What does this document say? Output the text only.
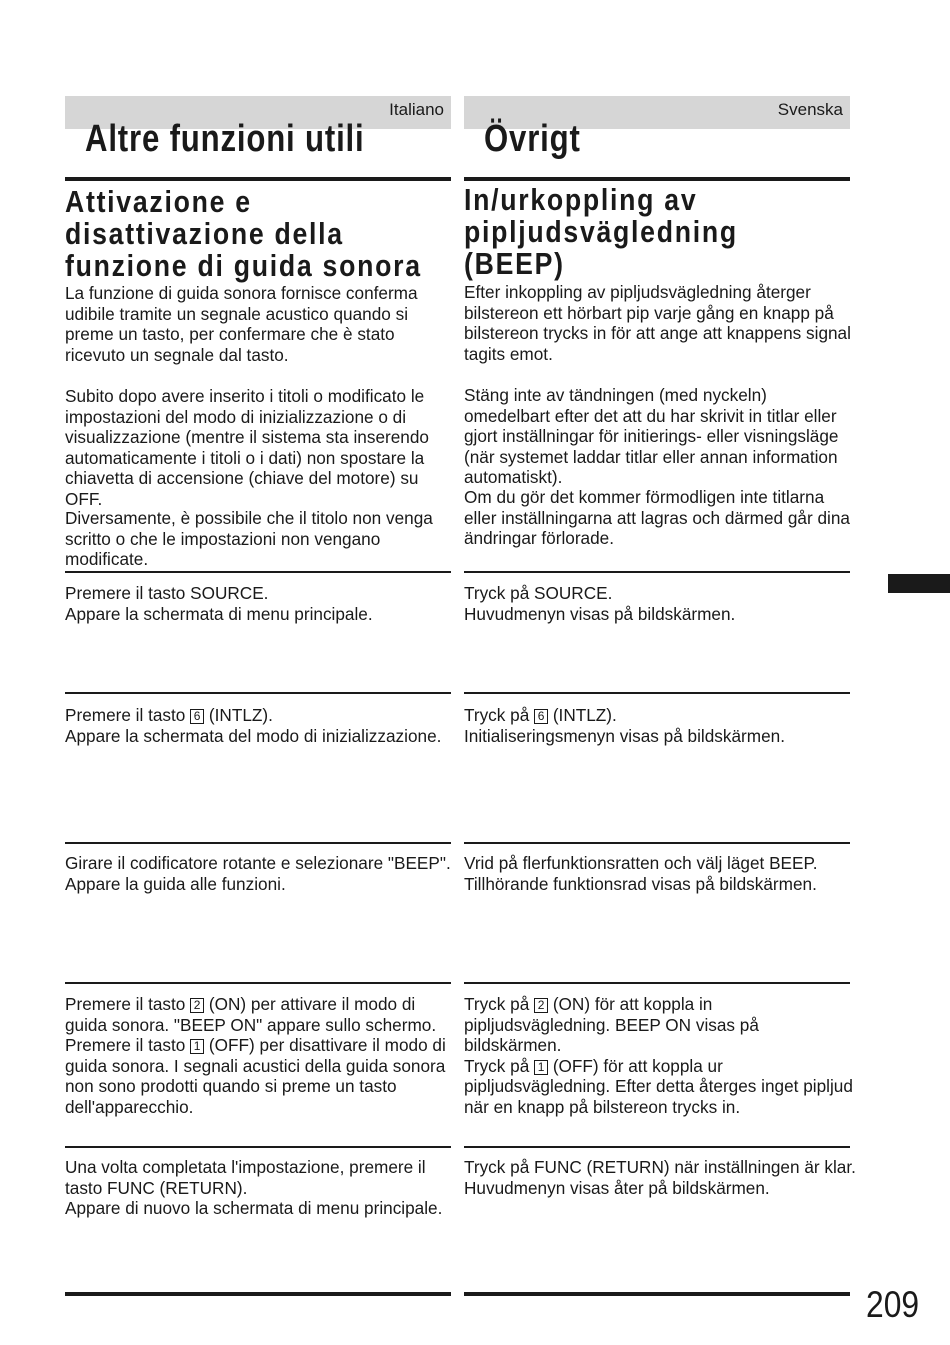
Italiano
Altre funzioni utili
Attivazione e
disattivazione della
funzione di guida sonora
La funzione di guida sonora fornisce conferma udibile tramite un segnale acustico quando si preme un tasto, per confermare che è stato ricevuto un segnale dal tasto.
Subito dopo avere inserito i titoli o modificato le impostazioni del modo di inizializzazione o di visualizzazione (mentre il sistema sta inserendo automaticamente i titoli o i dati) non spostare la chiavetta di accensione (chiave del motore) su OFF.
Diversamente, è possibile che il titolo non venga scritto o che le impostazioni non vengano modificate.
Premere il tasto SOURCE.
Appare la schermata di menu principale.
Premere il tasto 6 (INTLZ).
Appare la schermata del modo di inizializzazione.
Girare il codificatore rotante e selezionare "BEEP". Appare la guida alle funzioni.
Premere il tasto 2 (ON) per attivare il modo di guida sonora. "BEEP ON" appare sullo schermo. Premere il tasto 1 (OFF) per disattivare il modo di guida sonora. I segnali acustici della guida sonora non sono prodotti quando si preme un tasto dell'apparecchio.
Una volta completata l'impostazione, premere il tasto FUNC (RETURN).
Appare di nuovo la schermata di menu principale.
Svenska
Övrigt
In/urkoppling av
pipljudsvägledning
(BEEP)
Efter inkoppling av pipljudsvägledning återger bilstereon ett hörbart pip varje gång en knapp på bilstereon trycks in för att ange att knappens signal tagits emot.
Stäng inte av tändningen (med nyckeln) omedelbart efter det att du har skrivit in titlar eller gjort inställningar för initierings- eller visningsläge (när systemet laddar titlar eller annan information automatiskt).
Om du gör det kommer förmodligen inte titlarna eller inställningarna att lagras och därmed går dina ändringar förlorade.
Tryck på SOURCE.
Huvudmenyn visas på bildskärmen.
Tryck på 6 (INTLZ).
Initialiseringsmenyn visas på bildskärmen.
Vrid på flerfunktionsratten och välj läget BEEP. Tillhörande funktionsrad visas på bildskärmen.
Tryck på 2 (ON) för att koppla in pipljudsvägledning. BEEP ON visas på bildskärmen.
Tryck på 1 (OFF) för att koppla ur pipljudsvägledning. Efter detta återges inget pipljud när en knapp på bilstereon trycks in.
Tryck på FUNC (RETURN) när inställningen är klar.
Huvudmenyn visas åter på bildskärmen.
209
